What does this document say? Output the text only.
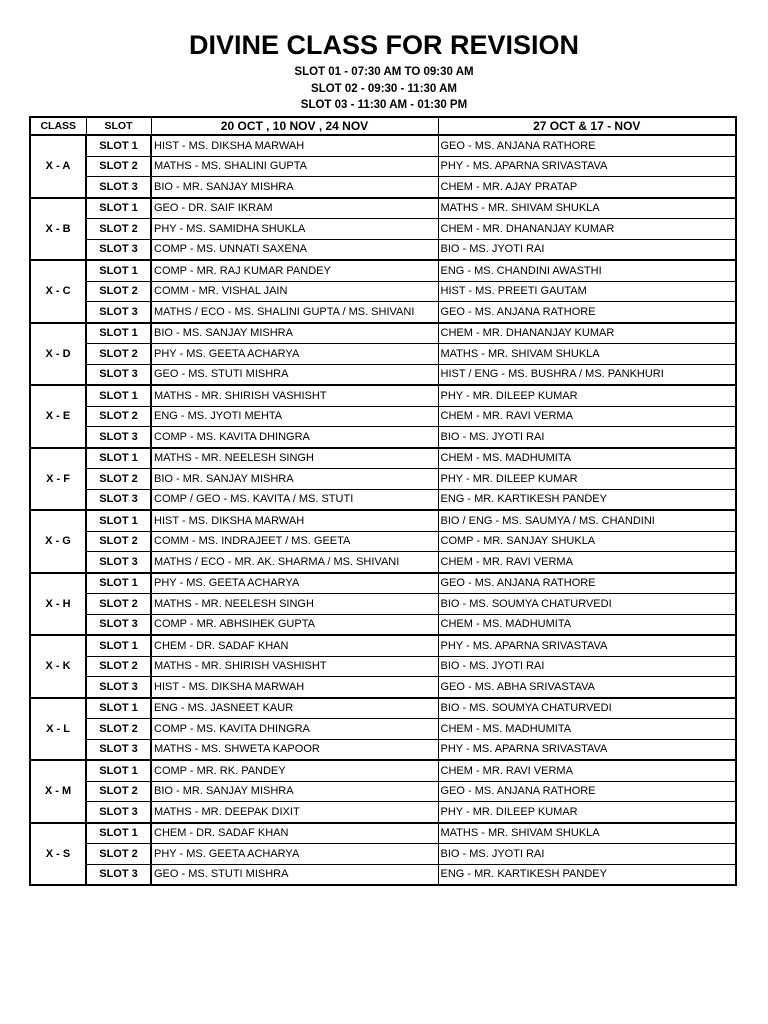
DIVINE CLASS FOR REVISION
SLOT 01 - 07:30 AM TO 09:30 AM
SLOT 02 - 09:30 - 11:30 AM
SLOT 03 - 11:30 AM - 01:30 PM
CLASS	SLOT	20 OCT , 10 NOV , 24 NOV	27 OCT & 17 - NOV
X - A	SLOT 1	HIST - MS. DIKSHA MARWAH	GEO - MS. ANJANA RATHORE
	SLOT 2	MATHS - MS. SHALINI GUPTA	PHY - MS. APARNA SRIVASTAVA
	SLOT 3	BIO - MR. SANJAY MISHRA	CHEM - MR. AJAY PRATAP
X - B	SLOT 1	GEO - DR. SAIF IKRAM	MATHS - MR. SHIVAM SHUKLA
	SLOT 2	PHY - MS. SAMIDHA SHUKLA	CHEM - MR. DHANANJAY KUMAR
	SLOT 3	COMP - MS. UNNATI SAXENA	BIO - MS. JYOTI RAI
X - C	SLOT 1	COMP - MR. RAJ KUMAR PANDEY	ENG - MS. CHANDINI AWASTHI
	SLOT 2	COMM - MR. VISHAL JAIN	HIST - MS. PREETI GAUTAM
	SLOT 3	MATHS / ECO - MS. SHALINI GUPTA / MS. SHIVANI	GEO - MS. ANJANA RATHORE
X - D	SLOT 1	BIO - MS. SANJAY MISHRA	CHEM - MR. DHANANJAY KUMAR
	SLOT 2	PHY - MS. GEETA ACHARYA	MATHS - MR. SHIVAM SHUKLA
	SLOT 3	GEO - MS. STUTI MISHRA	HIST / ENG - MS. BUSHRA / MS. PANKHURI
X - E	SLOT 1	MATHS - MR. SHIRISH VASHISHT	PHY - MR. DILEEP KUMAR
	SLOT 2	ENG - MS. JYOTI MEHTA	CHEM - MR. RAVI VERMA
	SLOT 3	COMP - MS. KAVITA DHINGRA	BIO - MS. JYOTI RAI
X - F	SLOT 1	MATHS - MR. NEELESH SINGH	CHEM - MS. MADHUMITA
	SLOT 2	BIO - MR. SANJAY MISHRA	PHY - MR. DILEEP KUMAR
	SLOT 3	COMP / GEO - MS. KAVITA / MS. STUTI	ENG - MR. KARTIKESH PANDEY
X - G	SLOT 1	HIST - MS. DIKSHA MARWAH	BIO / ENG - MS. SAUMYA / MS. CHANDINI
	SLOT 2	COMM - MS. INDRAJEET / MS. GEETA	COMP - MR. SANJAY SHUKLA
	SLOT 3	MATHS / ECO - MR. AK. SHARMA / MS. SHIVANI	CHEM - MR. RAVI VERMA
X - H	SLOT 1	PHY - MS. GEETA ACHARYA	GEO - MS. ANJANA RATHORE
	SLOT 2	MATHS - MR. NEELESH SINGH	BIO - MS. SOUMYA CHATURVEDI
	SLOT 3	COMP - MR. ABHSIHEK GUPTA	CHEM - MS. MADHUMITA
X - K	SLOT 1	CHEM - DR. SADAF KHAN	PHY - MS. APARNA SRIVASTAVA
	SLOT 2	MATHS - MR. SHIRISH VASHISHT	BIO - MS. JYOTI RAI
	SLOT 3	HIST - MS. DIKSHA MARWAH	GEO - MS. ABHA SRIVASTAVA
X - L	SLOT 1	ENG - MS. JASNEET KAUR	BIO - MS. SOUMYA CHATURVEDI
	SLOT 2	COMP - MS. KAVITA DHINGRA	CHEM - MS. MADHUMITA
	SLOT 3	MATHS - MS. SHWETA KAPOOR	PHY - MS. APARNA SRIVASTAVA
X - M	SLOT 1	COMP - MR. RK. PANDEY	CHEM - MR. RAVI VERMA
	SLOT 2	BIO - MR. SANJAY MISHRA	GEO - MS. ANJANA RATHORE
	SLOT 3	MATHS - MR. DEEPAK DIXIT	PHY - MR. DILEEP KUMAR
X - S	SLOT 1	CHEM - DR. SADAF KHAN	MATHS - MR. SHIVAM SHUKLA
	SLOT 2	PHY - MS. GEETA ACHARYA	BIO - MS. JYOTI RAI
	SLOT 3	GEO - MS. STUTI MISHRA	ENG - MR. KARTIKESH PANDEY
